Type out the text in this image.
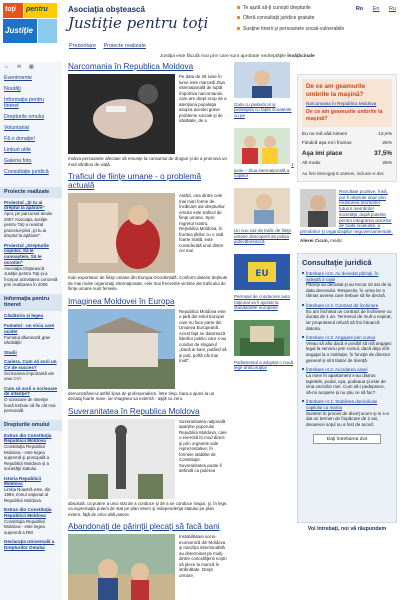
toţi	pentru
Justiţie
Asociaţia obştească
Justiţie pentru toţi
Prezentare Proiecte realizate
Te ajută să-ţi cunoşti drepturile
Oferă consultaţii juridice gratuite
Susţine tinerii şi persoanele social-vulnerabile
Ro En Ru
Justiţia este făcută mai prin care sunt aprobate nedreptăţile învăţăcinale
⌂	✉ ▦
Evenimente
Noutăţi
Informaţia pentru tineret
Drepturile omului
Voluntariat
Fă o donaţie!
Linkuri utile
Galeria foto
Consultaţie juridică
Proiecte realizate
Proiectul „Şi tu ai dreptul la apărare"

Apoi, pe parcursul anului 2007 Asociaţia Justiţie pentru Toţi a realizat proiectul-pilot „Şi tu ai dreptul la apărare".

Proiectul „Drepturile copiilor, Să le cunoaştem, Să le ocrotim"

Asociaţia Obştească Justiţie pentru Toţi şi-a început activitatea concretă prin realizarea în 2006

Informaţia pentru tineret
Căsătoria şi legea
Fumatul - un viciu care ucide!

Fumatul dăunează grav sănătăţii!

Studii
Cariera. Cum să scrii un CV de succes?

Scrisoarea importantă ale unui CV!

Cum să scrii o scrisoare de intenţie?

O scrisoare de intenţie bună trebuie să fie cât mai personală

Drepturile omului
Extras din Constituţia Republicii Moldova

Constituţia Republicii Moldova - este legea supremă şi principală a Republicii Moldova şi a societăţii statului.

Istoria Republicii Moldova

Limba Noastră este, din 1994, imnul naţional al Republicii Moldova.

Extras din Constituţia Republicii Moldova

Constituţia Republicii Moldova - este legea supremă a RM

Declaraţia Universală a Drepturilor Omului
Narcomania în Republica Moldova

Pe data de 26 iunie în lume este marcată Ziua internaţională de luptă împotriva narcomaniei, care are drept scop de a atenţiona populaţia asupra acestei grave probleme sociale şi de sănătate, de a

motiva persoanele afectate să renunţe la consumul de droguri şi de a promova un mod sănătos de viaţă.

Traficul de fiinţe umane - o problemă actuală

Astăzi, una dintre cele mai mari forme de încălcare ale drepturilor omului este traficul de fiinţe umane. Spre regretul nostru, Republica Moldova, în fruntea ţărilor cu o rată foarte înaltă, este considerată unul dintre cei mai

mari exportatori de fiinţe umane din Europa Occidentală. Conform datelor deţinute de mai multe organizaţii internaţionale, cele mai frecvente victime ale traficului de fiinţe umane sunt femeile.

Imaginea Moldovei în Europa

Republica Moldova este o ţară din estul Europei care nu face parte din Uniunea Europeană. Acest fapt se datorează liderilor politici care s-au condus de sloganul „Dacă ai bani, putând să şi poţi, poftă cât mai mult",

demonstrând-ul astfel lipsa de profesionalism. Între timp, bara a ajuns la un decalaj foarte mare, iar imaginea sa externă - aşijă cu zero.

Suveranitatea în Republica Moldova

Suveranitatea naţională aparţine poporului Republicii Moldova, care o exercită în mod direct şi prin organele sale reprezentative, în formele stabilite de Constituţie. Suveranitatea poate fi definită ca puterea

absolută, ca putere a unui stat de a conduce şi de a se conduce singur, şi, în lege, ca supremaţia puterii de stat pe plan intern şi independenţa statului pe plan extern, faţă de orice altă putere.

Abandonaţi de părinţii plecaţi să facă bani

Instabilitatea socio-economică din Moldova şi tranziţia interminabilă au determinat pe mulţi dintre concetăţenii noştri să plece la muncă în străinătate. Drept urmare,

Gata cu piebezicol şi pedeapsa cu fapte scoaterile cu pe
1 iunie – Ziua internaţională a copiilor
Un nou caz de trafic de fiinţe umane descoperit de poliţia judecătorească
EU
Permisul de conducere auto naţional va fi ajustat la standardele europene
Parlamentul a adoptat o nouă lege anticorupţie
De ce am geamurile umbrite la maşină?
Narcomania în Republica Moldova
De ce am geamurile umbrite la maşină?
Eu nu mă văd nimeni	12,5%
Fiindcă aşa mi-i frumos	25%
Aşa imi place	37,5%
Alt motiv	25%
Au fost interogaţi 8 oameni, inclusiv si dvs
Rezultate pozitive, însă, pot fi obţinute doar prin reuniunea eforturilor tuturor membrilor societăţii, după puterile pentru integrarea actorilor de toate nivelurile, a primăriilor şi organizaţiilor neguvernamentale.
Alexei Cicun, medic
Consultaţie juridică
Întrebare nr.5: Au decedat părinţii, în aşteptă 3 copii

Părinţii au decedat şi au trecut 10 ani de la data decesului. Respectiv, în urma lor a rămas averea care trebuie să fie decisă.

Întrebare nr.4: Contract de închiriere

Eu am închiriat un contract de închiriere cu durata de 1 an. Termenul de mult a expirat, iar proprietarul refuză să îmi întoarcă datoria.

Întrebare nr.3: Angajare prin cumul

Vreau să afiu dacă e posibil să mă angajez legal la serviciu prin cumul, dacă deja sînt angajat la o instituţie, în funcţie de director general şi sînt titular de licenţă.

Întrebare nr.2: Acordarea casei

La mine în apartament s-au distrus tapetele, podul, uşa, podeaua şi este de vina vecinilor mei. Cum să-i pedepsesc, să-mi acopere şi nu ştiu ce să fac?

Întrebare nr.1: Stabilirea domiciliului copilului cu mama

Suntem în proces de divorţ acum şi ni s-a dat un termen de împăcare de 2 ani, deoarece soţul nu a fost de acord.

Daţi întrebarea dvs
Voi întrebaţi, noi vă răspundem
